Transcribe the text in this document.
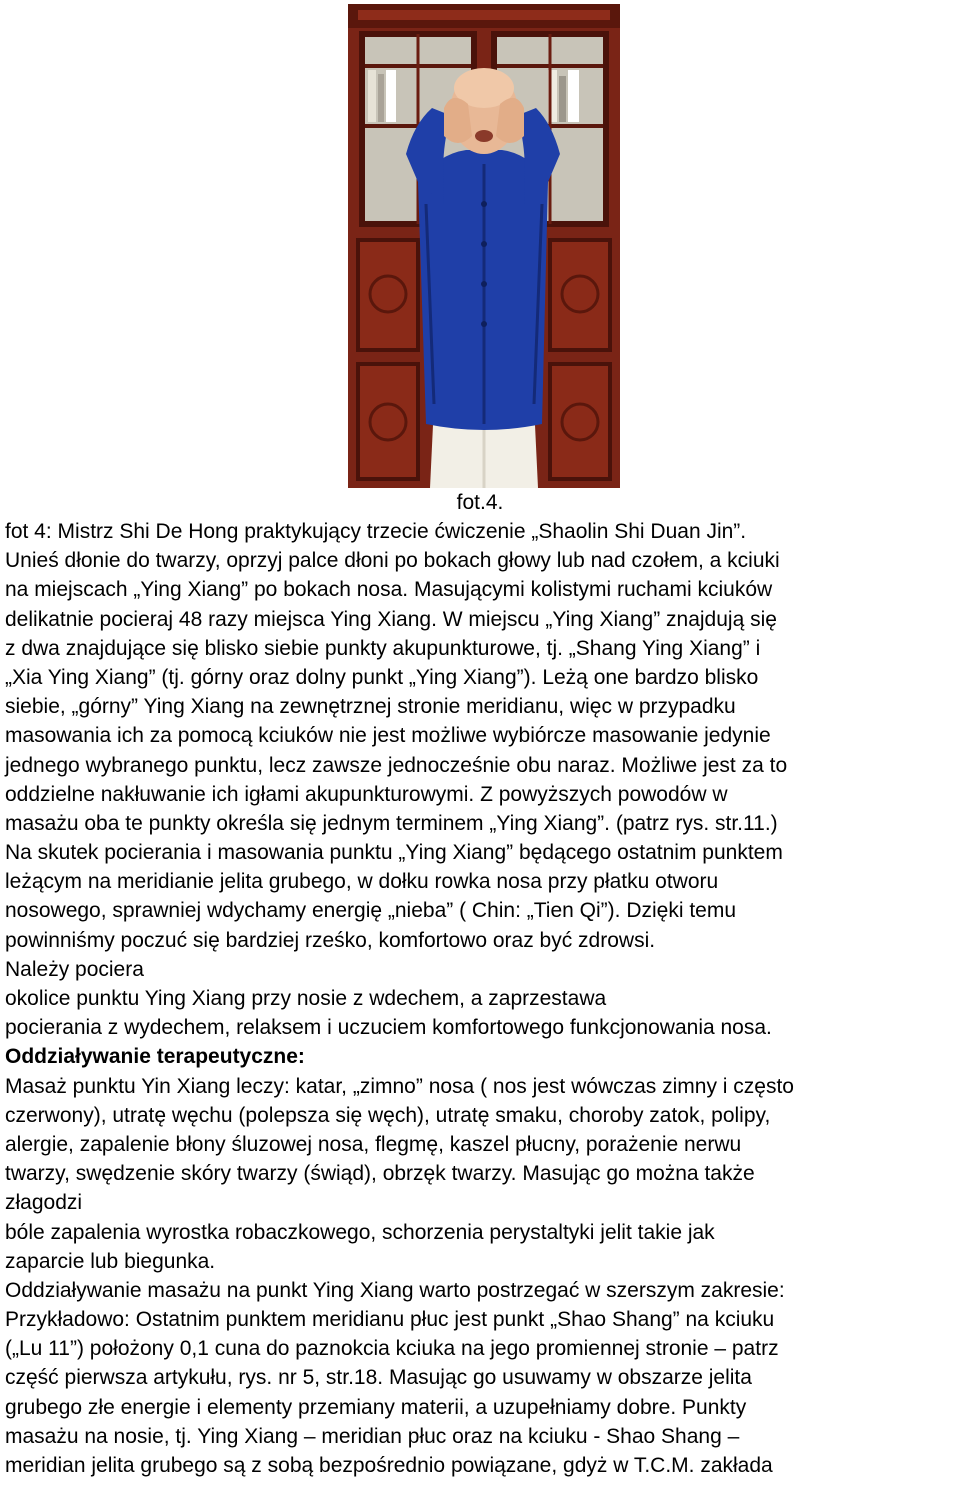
fot.4.
fot 4: Mistrz Shi De Hong praktykujący trzecie ćwiczenie „Shaolin Shi Duan Jin”.
Unieś dłonie do twarzy, oprzyj palce dłoni po bokach głowy lub nad czołem, a kciuki
na miejscach „Ying Xiang” po bokach nosa. Masującymi kolistymi ruchami kciuków
delikatnie pocieraj 48 razy miejsca Ying Xiang. W miejscu „Ying Xiang” znajdują się
z dwa znajdujące się blisko siebie punkty akupunkturowe, tj. „Shang Ying Xiang” i
„Xia Ying Xiang” (tj. górny oraz dolny punkt „Ying Xiang”). Leżą one bardzo blisko
siebie, „górny” Ying Xiang na zewnętrznej stronie meridianu, więc w przypadku
masowania ich za pomocą kciuków nie jest możliwe wybiórcze masowanie jedynie
jednego wybranego punktu, lecz zawsze jednocześnie obu naraz. Możliwe jest za to
oddzielne nakłuwanie ich igłami akupunkturowymi. Z powyższych powodów w
masażu oba te punkty określa się jednym terminem „Ying Xiang”. (patrz rys. str.11.)
Na skutek pocierania i masowania punktu „Ying Xiang” będącego ostatnim punktem
leżącym na meridianie jelita grubego, w dołku rowka nosa przy płatku otworu
nosowego, sprawniej wdychamy energię „nieba” ( Chin: „Tien Qi”). Dzięki temu
powinniśmy poczuć się bardziej rześko, komfortowo oraz być zdrowsi.
Należy pociera
okolice punktu Ying Xiang przy nosie z wdechem, a zaprzestawa
pocierania z wydechem, relaksem i uczuciem komfortowego funkcjonowania nosa.
Oddziaływanie terapeutyczne:
Masaż punktu Yin Xiang leczy: katar, „zimno” nosa ( nos jest wówczas zimny i często
czerwony), utratę węchu (polepsza się węch), utratę smaku, choroby zatok, polipy,
alergie, zapalenie błony śluzowej nosa, flegmę, kaszel płucny, porażenie nerwu
twarzy, swędzenie skóry twarzy (świąd), obrzęk twarzy. Masując go można także
złagodzi
bóle zapalenia wyrostka robaczkowego, schorzenia perystaltyki jelit takie jak
zaparcie lub biegunka.
Oddziaływanie masażu na punkt Ying Xiang warto postrzegać w szerszym zakresie:
Przykładowo: Ostatnim punktem meridianu płuc jest punkt „Shao Shang” na kciuku
(„Lu 11”) położony 0,1 cuna do paznokcia kciuka na jego promiennej stronie – patrz
część pierwsza artykułu, rys. nr 5, str.18. Masując go usuwamy w obszarze jelita
grubego złe energie i elementy przemiany materii, a uzupełniamy dobre. Punkty
masażu na nosie, tj. Ying Xiang – meridian płuc oraz na kciuku - Shao Shang –
meridian jelita grubego są z sobą bezpośrednio powiązane, gdyż w T.C.M. zakłada
